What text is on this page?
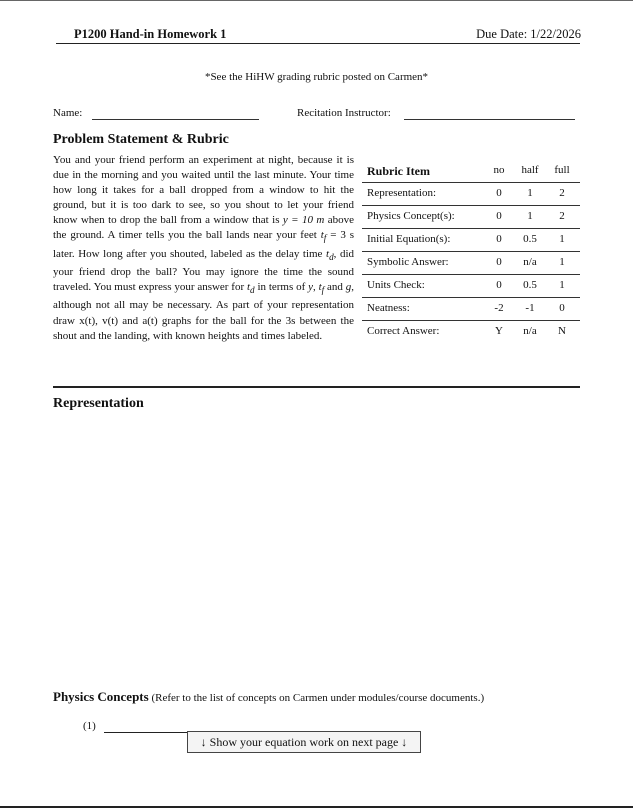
P1200 Hand-in Homework 1	Due Date: 1/22/2026
*See the HiHW grading rubric posted on Carmen*
Name:	Recitation Instructor:
Problem Statement & Rubric
You and your friend perform an experiment at night, because it is due in the morning and you waited until the last minute. Your time how long it takes for a ball dropped from a window to hit the ground, but it is too dark to see, so you shout to let your friend know when to drop the ball from a window that is y = 10 m above the ground. A timer tells you the ball lands near your feet $t_f = 3$ s later. How long after you shouted, labeled as the delay time $t_d$, did your friend drop the ball? You may ignore the time the sound traveled. You must express your answer for $t_d$ in terms of y, $t_f$ and g, although not all may be necessary. As part of your representation draw x(t), v(t) and a(t) graphs for the ball for the 3s between the shout and the landing, with known heights and times labeled.
Rubric Item	no	half	full
Representation:	0	1	2
Physics Concept(s):	0	1	2
Initial Equation(s):	0	0.5	1
Symbolic Answer:	0	n/a	1
Units Check:	0	0.5	1
Neatness:	-2	-1	0
Correct Answer:	Y	n/a	N
Representation
Physics Concepts (Refer to the list of concepts on Carmen under modules/course documents.)
(1)
↓ Show your equation work on next page ↓
